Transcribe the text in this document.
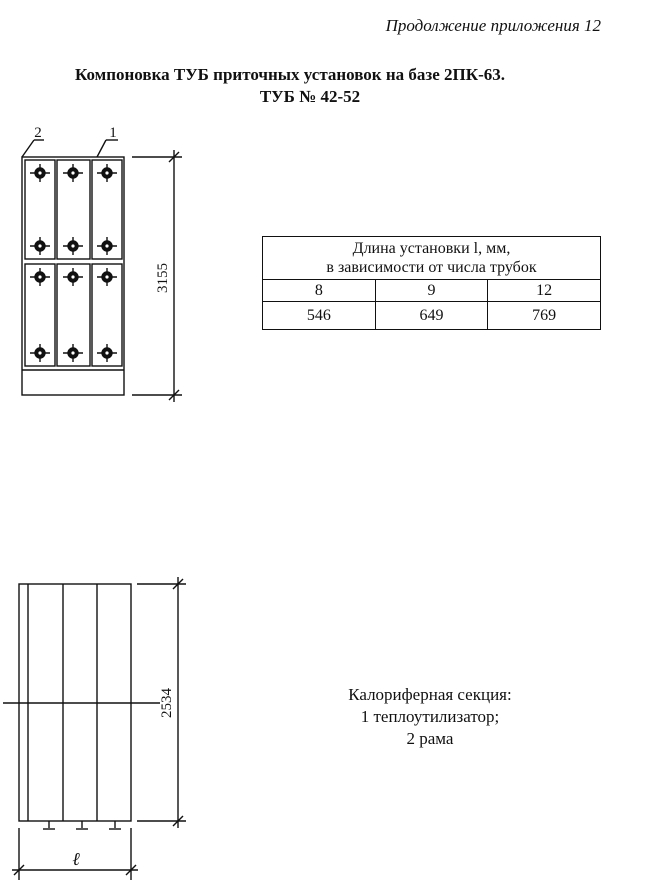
Продолжение приложения 12
Компоновка ТУБ приточных установок на базе 2ПК-63.
ТУБ № 42-52
2	1
3155
2534
ℓ
Длина установки l, мм,
в зависимости от числа трубок		

8	9	12
546	649	769
Калориферная секция:
1 теплоутилизатор;
2 рама
